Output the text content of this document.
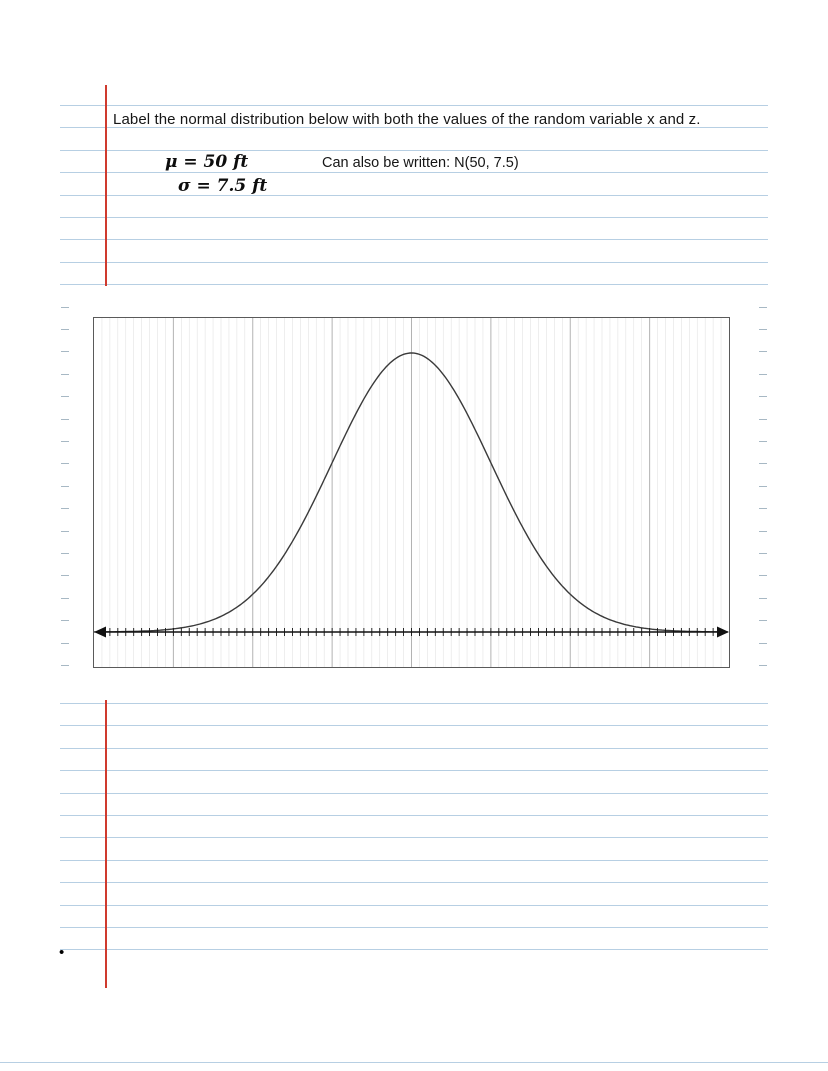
Label the normal distribution below with both the values of the random variable x and z.
μ = 50 ft
σ = 7.5 ft
Can also be written: N(50, 7.5)
•
